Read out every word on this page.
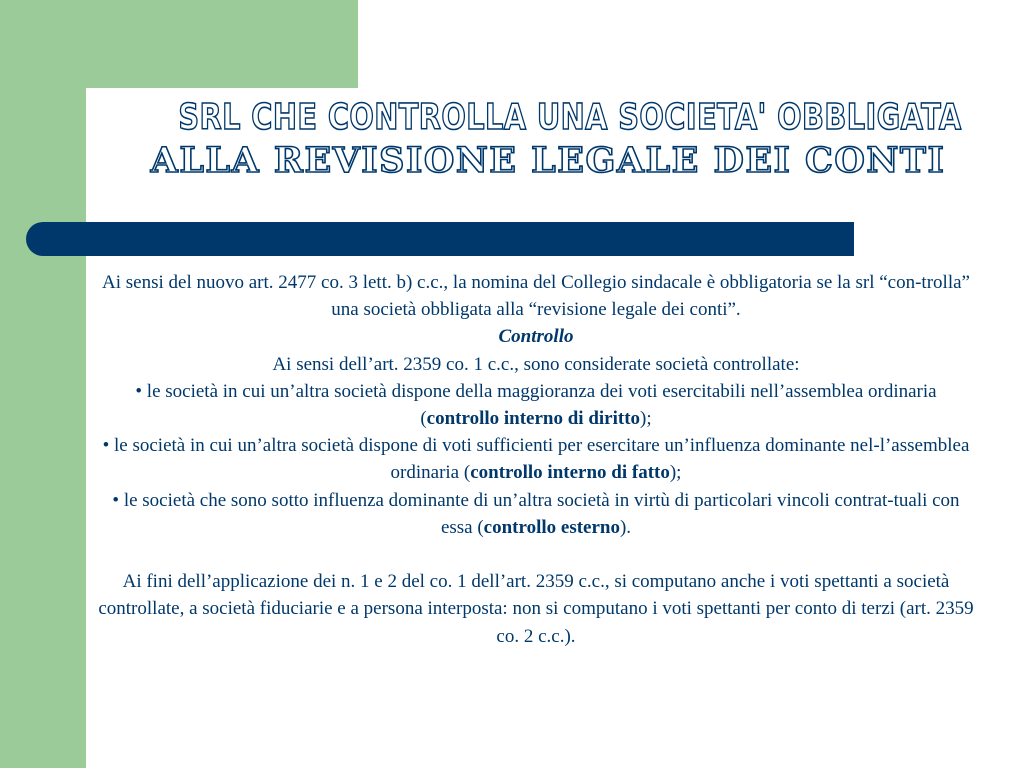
SRL CHE CONTROLLA UNA SOCIETA' OBBLIGATA
ALLA REVISIONE LEGALE DEI CONTI

Ai sensi del nuovo art. 2477 co. 3 lett. b) c.c., la nomina del Collegio sindacale è obbligatoria se la srl “con-trolla” una società obbligata alla “revisione legale dei conti”.

Controllo

Ai sensi dell’art. 2359 co. 1 c.c., sono considerate società controllate:

• le società in cui un’altra società dispone della maggioranza dei voti esercitabili nell’assemblea ordinaria (controllo interno di diritto);

• le società in cui un’altra società dispone di voti sufficienti per esercitare un’influenza dominante nel-l’assemblea ordinaria (controllo interno di fatto);

• le società che sono sotto influenza dominante di un’altra società in virtù di particolari vincoli contrat-tuali con essa (controllo esterno).

Ai fini dell’applicazione dei n. 1 e 2 del co. 1 dell’art. 2359 c.c., si computano anche i voti spettanti a società controllate, a società fiduciarie e a persona interposta: non si computano i voti spettanti per conto di terzi (art. 2359 co. 2 c.c.).
